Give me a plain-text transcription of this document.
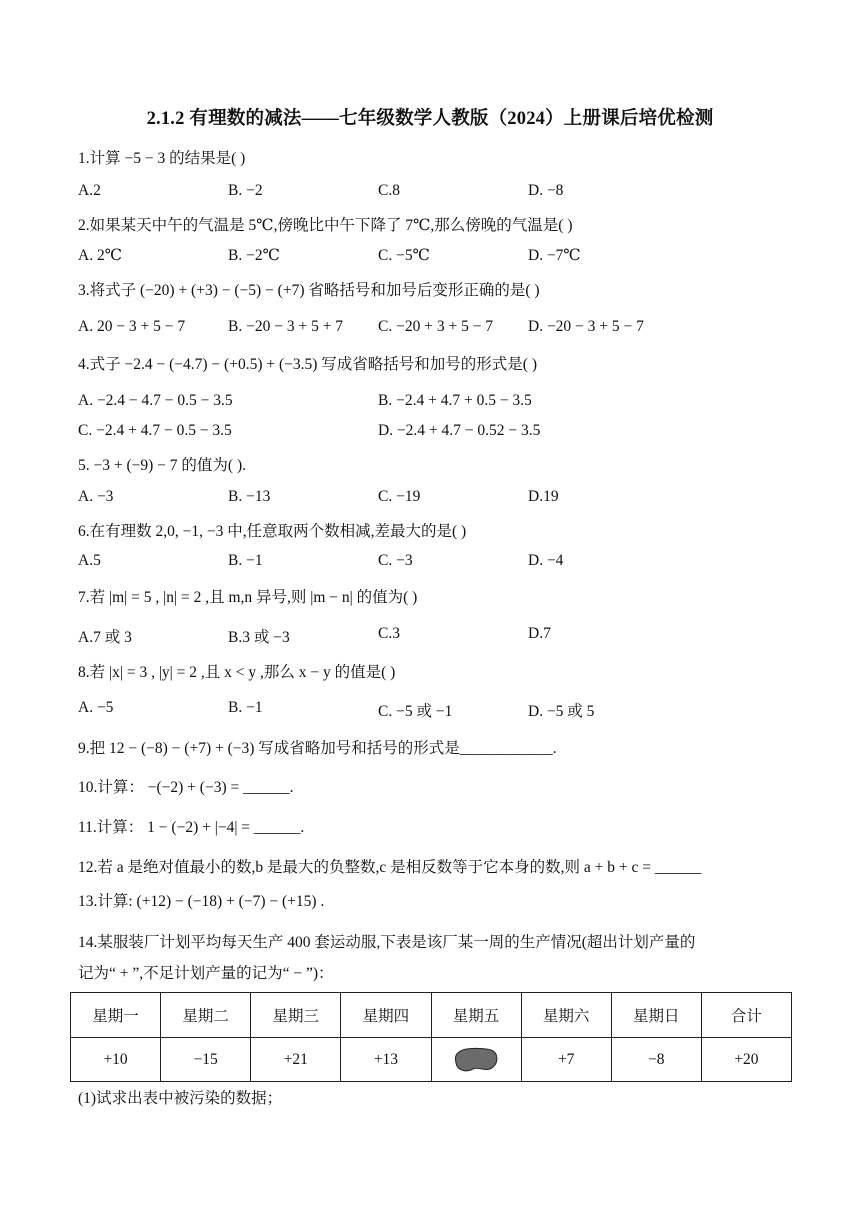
2.1.2 有理数的减法——七年级数学人教版（2024）上册课后培优检测
1.计算 −5 − 3 的结果是( )
A.2	B. −2	C.8	D. −8
2.如果某天中午的气温是 5℃,傍晚比中午下降了 7℃,那么傍晚的气温是( )
A. 2℃	B. −2℃	C. −5℃	D. −7℃
3.将式子 (−20) + (+3) − (−5) − (+7) 省略括号和加号后变形正确的是( )
A. 20 − 3 + 5 − 7	B. −20 − 3 + 5 + 7 C. −20 + 3 + 5 − 7 D. −20 − 3 + 5 − 7
4.式子 −2.4 − (−4.7) − (+0.5) + (−3.5) 写成省略括号和加号的形式是( )
A. −2.4 − 4.7 − 0.5 − 3.5	B. −2.4 + 4.7 + 0.5 − 3.5
C. −2.4 + 4.7 − 0.5 − 3.5	D. −2.4 + 4.7 − 0.52 − 3.5
5. −3 + (−9) − 7 的值为( ).
A. −3	B. −13	C. −19	D.19
6.在有理数 2,0, −1, −3 中,任意取两个数相减,差最大的是( )
A.5	B. −1	C. −3	D. −4
7.若 |m| = 5 , |n| = 2 ,且 m,n 异号,则 |m − n| 的值为( )
A.7 或 3	B.3 或 −3	C.3	D.7
8.若 |x| = 3 , |y| = 2 ,且 x < y ,那么 x − y 的值是( )
A. −5	B. −1	C. −5 或 −1	D. −5 或 5
9.把 12 − (−8) − (+7) + (−3) 写成省略加号和括号的形式是____________.
10.计算： −(−2) + (−3) = ______.
11.计算： 1 − (−2) + |−4| = ______.
12.若 a 是绝对值最小的数,b 是最大的负整数,c 是相反数等于它本身的数,则 a + b + c = ______
13.计算: (+12) − (−18) + (−7) − (+15) .
14.某服装厂计划平均每天生产 400 套运动服,下表是该厂某一周的生产情况(超出计划产量的
记为“ + ”,不足计划产量的记为“ − ”)：
星期一	星期二	星期三	星期四	星期五	星期六	星期日	合计
+10	−15	+21	+13		+7	−8	+20
(1)试求出表中被污染的数据；
